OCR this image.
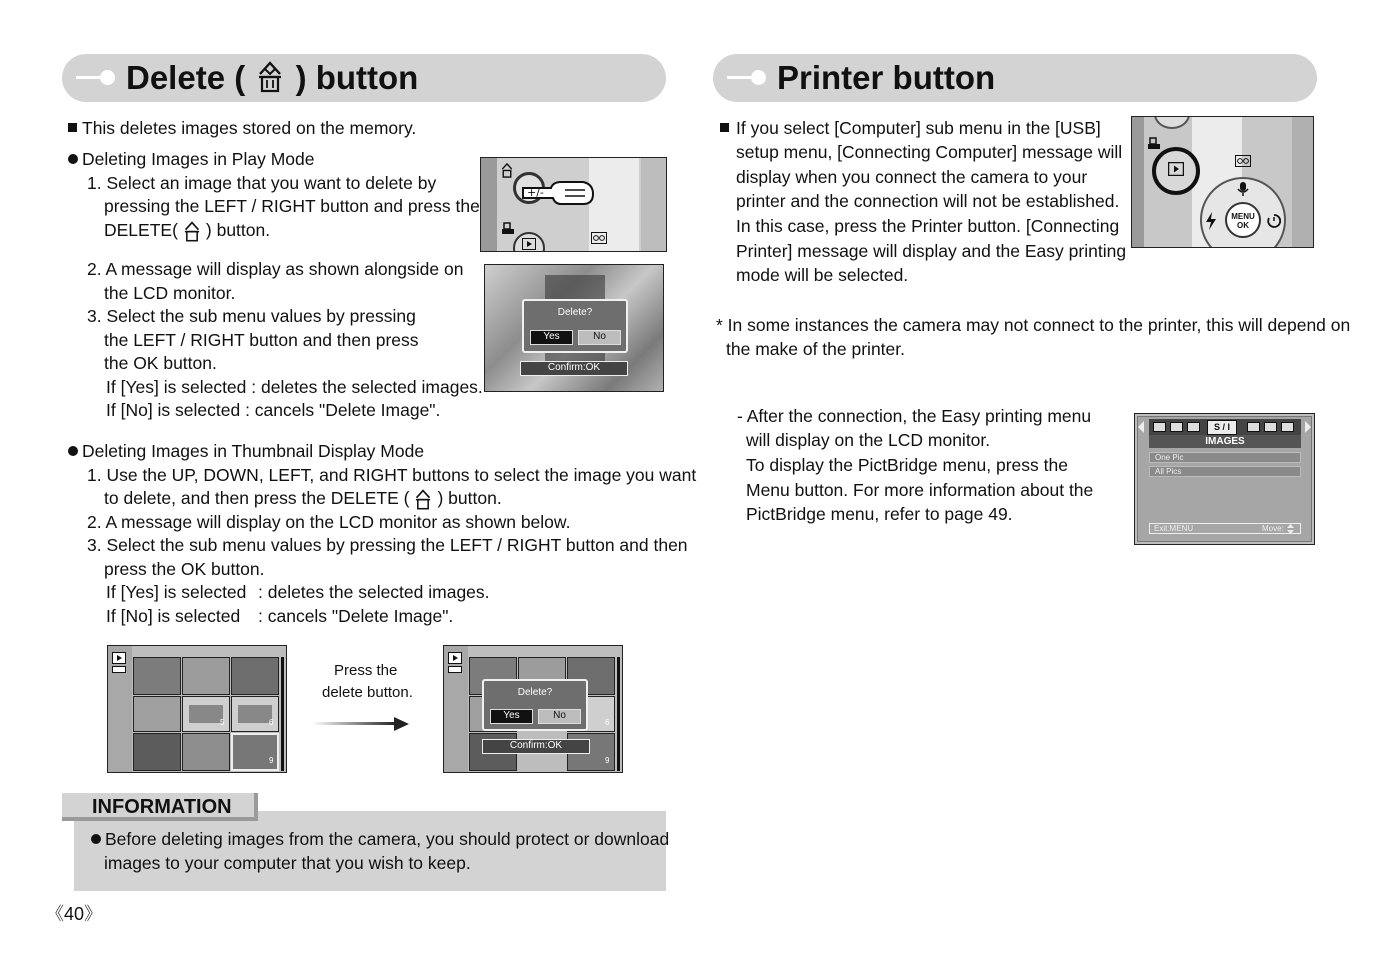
Delete ( ) button
This deletes images stored on the memory.
Deleting Images in Play Mode
1. Select an image that you want to delete by
pressing the LEFT / RIGHT button and press the
DELETE( ) button.
2. A message will display as shown alongside on
the LCD monitor.
3. Select the sub menu values by pressing
the LEFT / RIGHT button and then press
the OK button.
If [Yes] is selected : deletes the selected images.
If [No] is selected : cancels "Delete Image".
+/-
Delete?
Yes	No
Confirm:OK
Deleting Images in Thumbnail Display Mode
1. Use the UP, DOWN, LEFT, and RIGHT buttons to select the image you want
to delete, and then press the DELETE ( ) button.
2. A message will display on the LCD monitor as shown below.
3. Select the sub menu values by pressing the LEFT / RIGHT button and then
press the OK button.
If [Yes] is selected : deletes the selected images.
If [No] is selected : cancels "Delete Image".
5	6
9
Press the
delete button.
6
9
Delete?
Yes	No
Confirm:OK
INFORMATION
Before deleting images from the camera, you should protect or download
images to your computer that you wish to keep.
《40》
Printer button
If you select [Computer] sub menu in the [USB]
setup menu, [Connecting Computer] message will
display when you connect the camera to your
printer and the connection will not be established.
In this case, press the Printer button. [Connecting
Printer] message will display and the Easy printing
mode will be selected.
MENU
OK
* In some instances the camera may not connect to the printer, this will depend on
the make of the printer.
- After the connection, the Easy printing menu
will display on the LCD monitor.
To display the PictBridge menu, press the
Menu button. For more information about the
PictBridge menu, refer to page 49.
S / I
IMAGES
One Pic
All Pics
Exit:MENU	Move:
